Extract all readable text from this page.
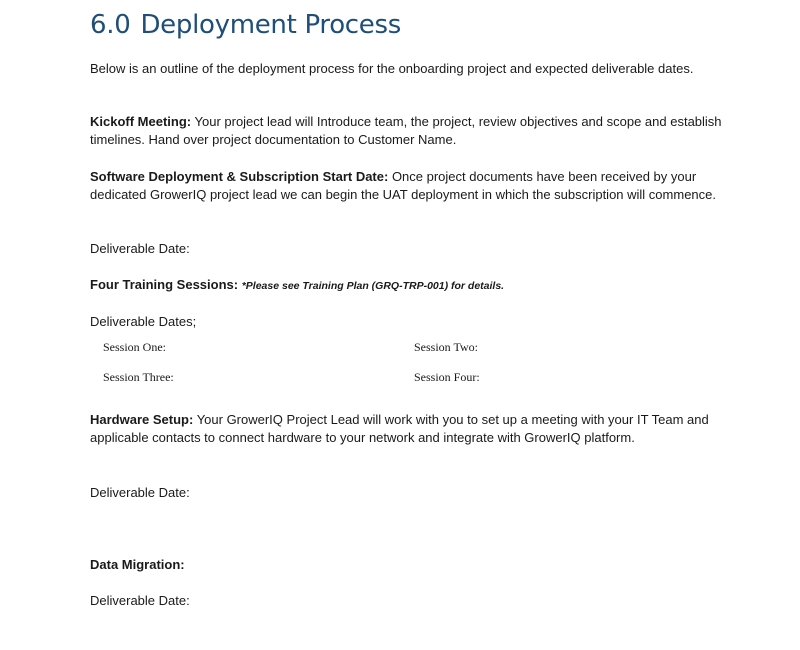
6.0 Deployment Process

Below is an outline of the deployment process for the onboarding project and expected deliverable dates.

Kickoff Meeting: Your project lead will Introduce team, the project, review objectives and scope and establish timelines. Hand over project documentation to Customer Name.

Software Deployment & Subscription Start Date: Once project documents have been received by your dedicated GrowerIQ project lead we can begin the UAT deployment in which the subscription will commence.

Deliverable Date:

Four Training Sessions: *Please see Training Plan (GRQ-TRP-001) for details.

Deliverable Dates;

Session One:	Session Two:
Session Three:	Session Four:

Hardware Setup: Your GrowerIQ Project Lead will work with you to set up a meeting with your IT Team and applicable contacts to connect hardware to your network and integrate with GrowerIQ platform.

Deliverable Date:

Data Migration:

Deliverable Date:
